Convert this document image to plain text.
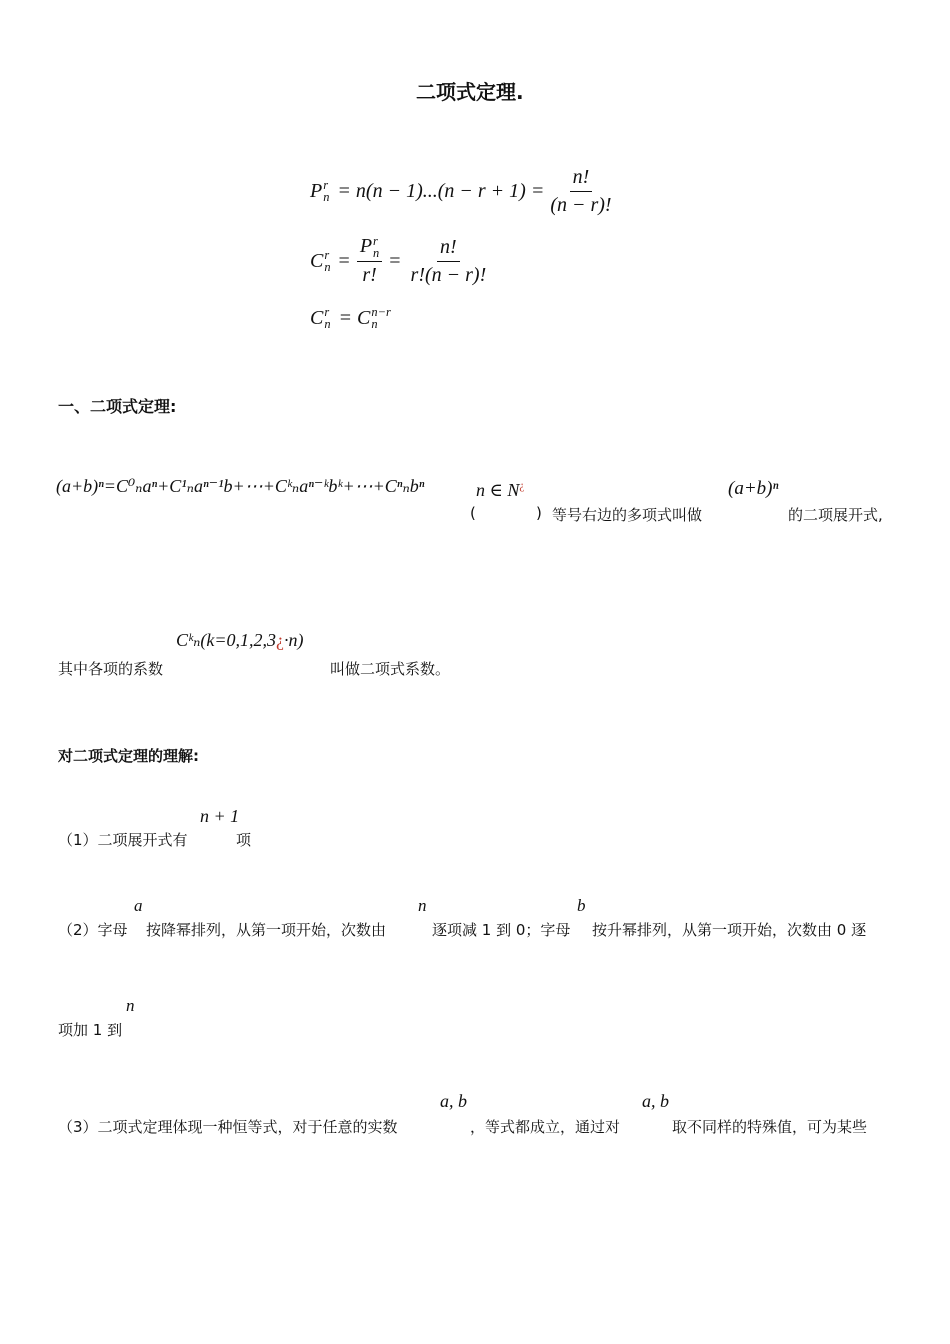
二项式定理.
P r
$n = n(n - 1)...(n - r + 1) = \frac{n!}{(n - r)!}$
C r
n = P r
n
r! = $\frac{n!}{r!(n - r)!}$
C r
n = C n−r
n
一、二项式定理:
(a+b)ⁿ=C⁰ₙaⁿ+C¹ₙaⁿ⁻¹b+⋯+Cᵏₙaⁿ⁻ᵏbᵏ+⋯+Cⁿₙbⁿ	n ∈ N¿
(	) 等号右边的多项式叫做
(a+b)ⁿ
的二项展开式,
Cᵏₙ(k=0,1,2,3¿·n)
其中各项的系数	叫做二项式系数。
对二项式定理的理解:
n + 1
（1）二项展开式有	项
a	n	b
（2）字母 按降幂排列，从第一项开始，次数由	逐项减 1 到 0；字母 按升幂排列，从第一项开始，次数由 0 逐
n
项加 1 到
a, b	a, b
（3）二项式定理体现一种恒等式，对于任意的实数	，等式都成立，通过对	取不同样的特殊值，可为某些
